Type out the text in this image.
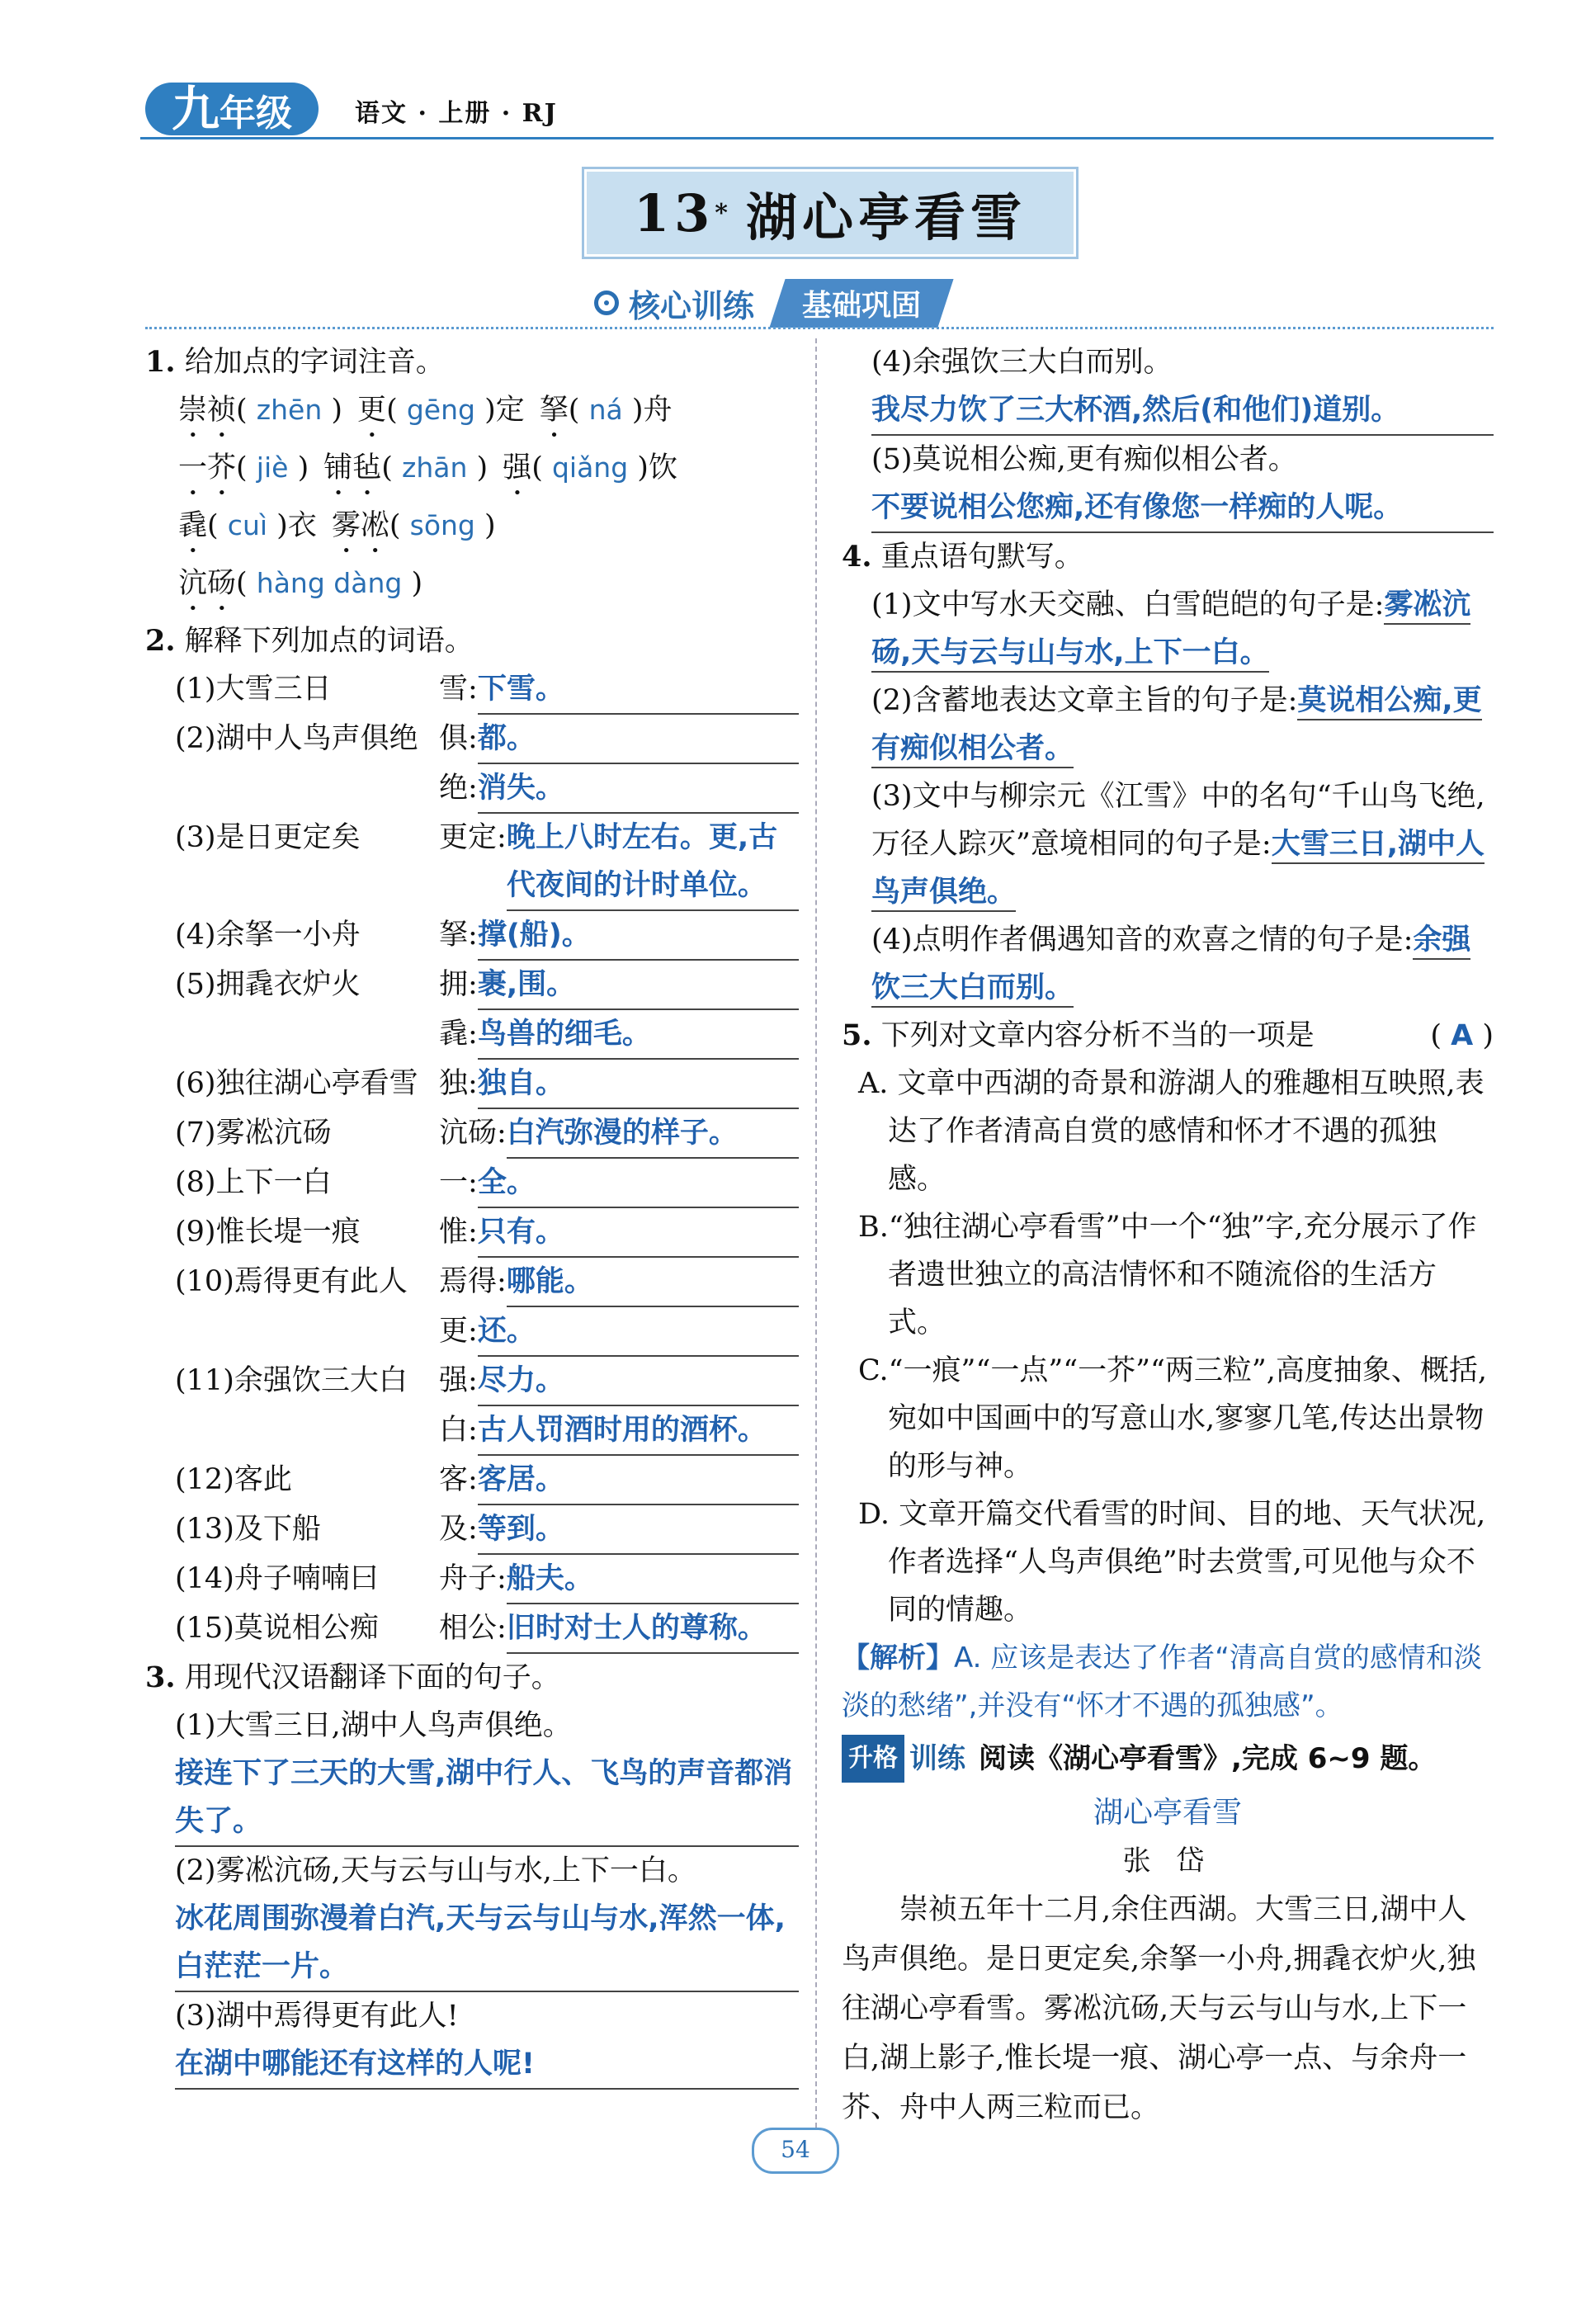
九年级	语文 · 上册 · RJ
13 * 湖心亭看雪
核心训练	基础巩固
1. 给加点的字词注音。
崇祯( zhēn ) 更( gēng )定 拏( ná )舟
一芥( jiè ) 铺毡( zhān ) 强( qiǎng )饮
毳( cuì )衣 雾凇( sōng )
沆砀( hàng dàng )
2. 解释下列加点的词语。
(1)大雪三日	雪 : 下雪。
(2)湖中人鸟声俱绝 俱 : 都。
绝 : 消失。
(3)是日更定矣	更定 : 晚上八时左右。更,古代夜间的计时单位。
(4)余拏一小舟	拏 : 撑(船)。
(5)拥毳衣炉火	拥 : 裹,围。
毳 : 鸟兽的细毛。
(6)独往湖心亭看雪 独 : 独自。
(7)雾凇沆砀	沆砀 : 白汽弥漫的样子。
(8)上下一白	一 : 全。
(9)惟长堤一痕	惟 : 只有。
(10)焉得更有此人	焉得 : 哪能。
更 : 还。
(11)余强饮三大白	强 : 尽力。
白 : 古人罚酒时用的酒杯。
(12)客此	客 : 客居。
(13)及下船	及 : 等到。
(14)舟子喃喃曰	舟子 : 船夫。
(15)莫说相公痴	相公 : 旧时对士人的尊称。
3. 用现代汉语翻译下面的句子。
(1)大雪三日,湖中人鸟声俱绝。
接连下了三天的大雪,湖中行人、飞鸟的声音都消失了。
(2)雾凇沆砀,天与云与山与水,上下一白。
冰花周围弥漫着白汽,天与云与山与水,浑然一体,白茫茫一片。
(3)湖中焉得更有此人!
在湖中哪能还有这样的人呢!
(4)余强饮三大白而别。
我尽力饮了三大杯酒,然后(和他们)道别。
(5)莫说相公痴,更有痴似相公者。
不要说相公您痴,还有像您一样痴的人呢。
4. 重点语句默写。
(1)文中写水天交融、白雪皑皑的句子是:雾凇沆砀,天与云与山与水,上下一白。
(2)含蓄地表达文章主旨的句子是:莫说相公痴,更有痴似相公者。
(3)文中与柳宗元《江雪》中的名句“千山鸟飞绝,万径人踪灭”意境相同的句子是:大雪三日,湖中人鸟声俱绝。
(4)点明作者偶遇知音的欢喜之情的句子是:余强饮三大白而别。
5. 下列对文章内容分析不当的一项是	( A )
A. 文章中西湖的奇景和游湖人的雅趣相互映照,表达了作者清高自赏的感情和怀才不遇的孤独感。
B.“独往湖心亭看雪”中一个“独”字,充分展示了作者遗世独立的高洁情怀和不随流俗的生活方式。
C.“一痕”“一点”“一芥”“两三粒”,高度抽象、概括,宛如中国画中的写意山水,寥寥几笔,传达出景物的形与神。
D. 文章开篇交代看雪的时间、目的地、天气状况,作者选择“人鸟声俱绝”时去赏雪,可见他与众不同的情趣。
【解析】A. 应该是表达了作者“清高自赏的感情和淡淡的愁绪”,并没有“怀才不遇的孤独感”。
升格 训练 阅读《湖心亭看雪》,完成 6~9 题。
湖心亭看雪
张 岱
崇祯五年十二月,余住西湖。大雪三日,湖中人鸟声俱绝。是日更定矣,余拏一小舟,拥毳衣炉火,独往湖心亭看雪。雾凇沆砀,天与云与山与水,上下一白,湖上影子,惟长堤一痕、湖心亭一点、与余舟一芥、舟中人两三粒而已。
54
